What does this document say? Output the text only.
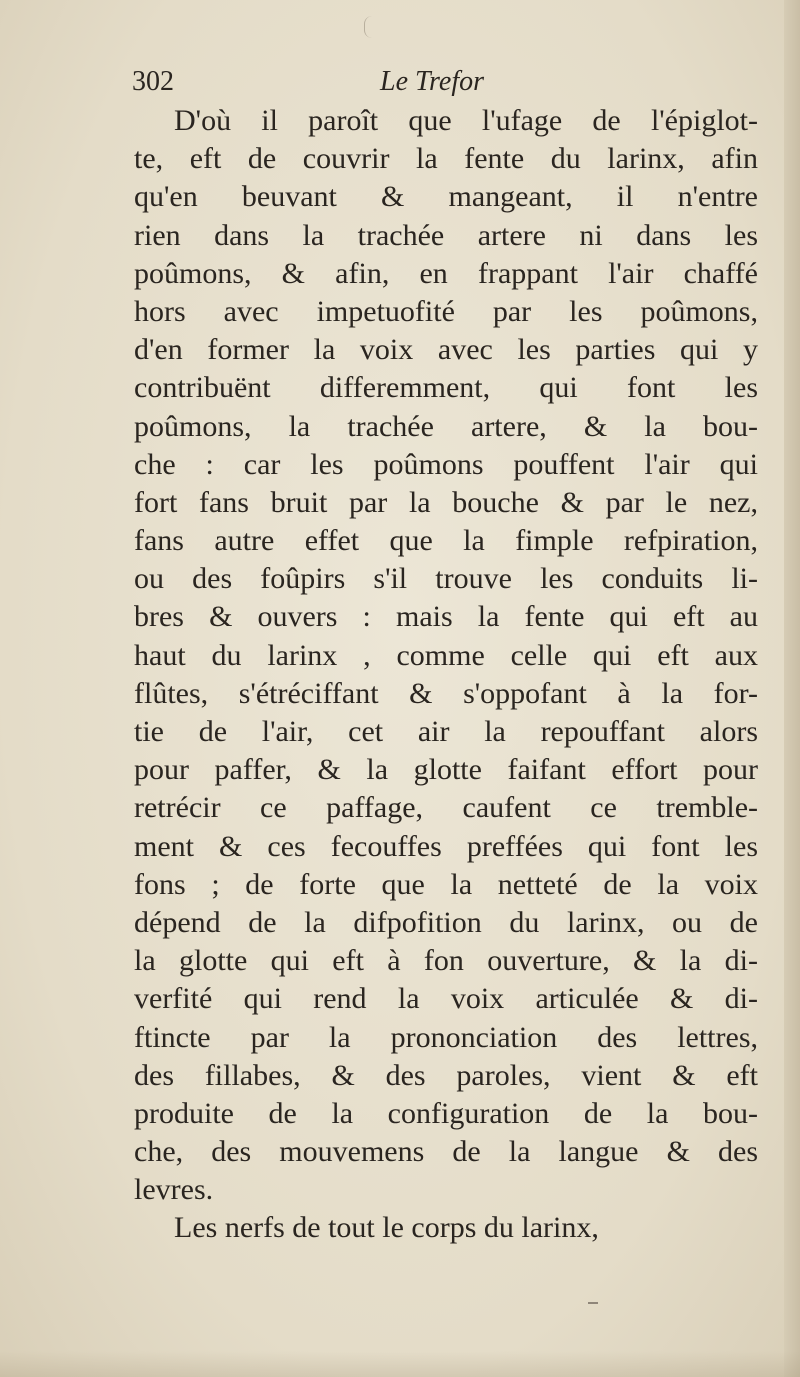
302	Le Trefor
D'où il paroît que l'ufage de l'épiglot-
te, eft de couvrir la fente du larinx, afin
qu'en beuvant & mangeant, il n'entre
rien dans la trachée artere ni dans les
poûmons, & afin, en frappant l'air chaffé
hors avec impetuofité par les poûmons,
d'en former la voix avec les parties qui y
contribuënt differemment, qui font les
poûmons, la trachée artere, & la bou-
che : car les poûmons pouffent l'air qui
fort fans bruit par la bouche & par le nez,
fans autre effet que la fimple refpiration,
ou des foûpirs s'il trouve les conduits li-
bres & ouvers : mais la fente qui eft au
haut du larinx , comme celle qui eft aux
flûtes, s'étréciffant & s'oppofant à la for-
tie de l'air, cet air la repouffant alors
pour paffer, & la glotte faifant effort pour
retrécir ce paffage, caufent ce tremble-
ment & ces fecouffes preffées qui font les
fons ; de forte que la netteté de la voix
dépend de la difpofition du larinx, ou de
la glotte qui eft à fon ouverture, & la di-
verfité qui rend la voix articulée & di-
ftincte par la prononciation des lettres,
des fillabes, & des paroles, vient & eft
produite de la configuration de la bou-
che, des mouvemens de la langue & des
levres.
Les nerfs de tout le corps du larinx,
